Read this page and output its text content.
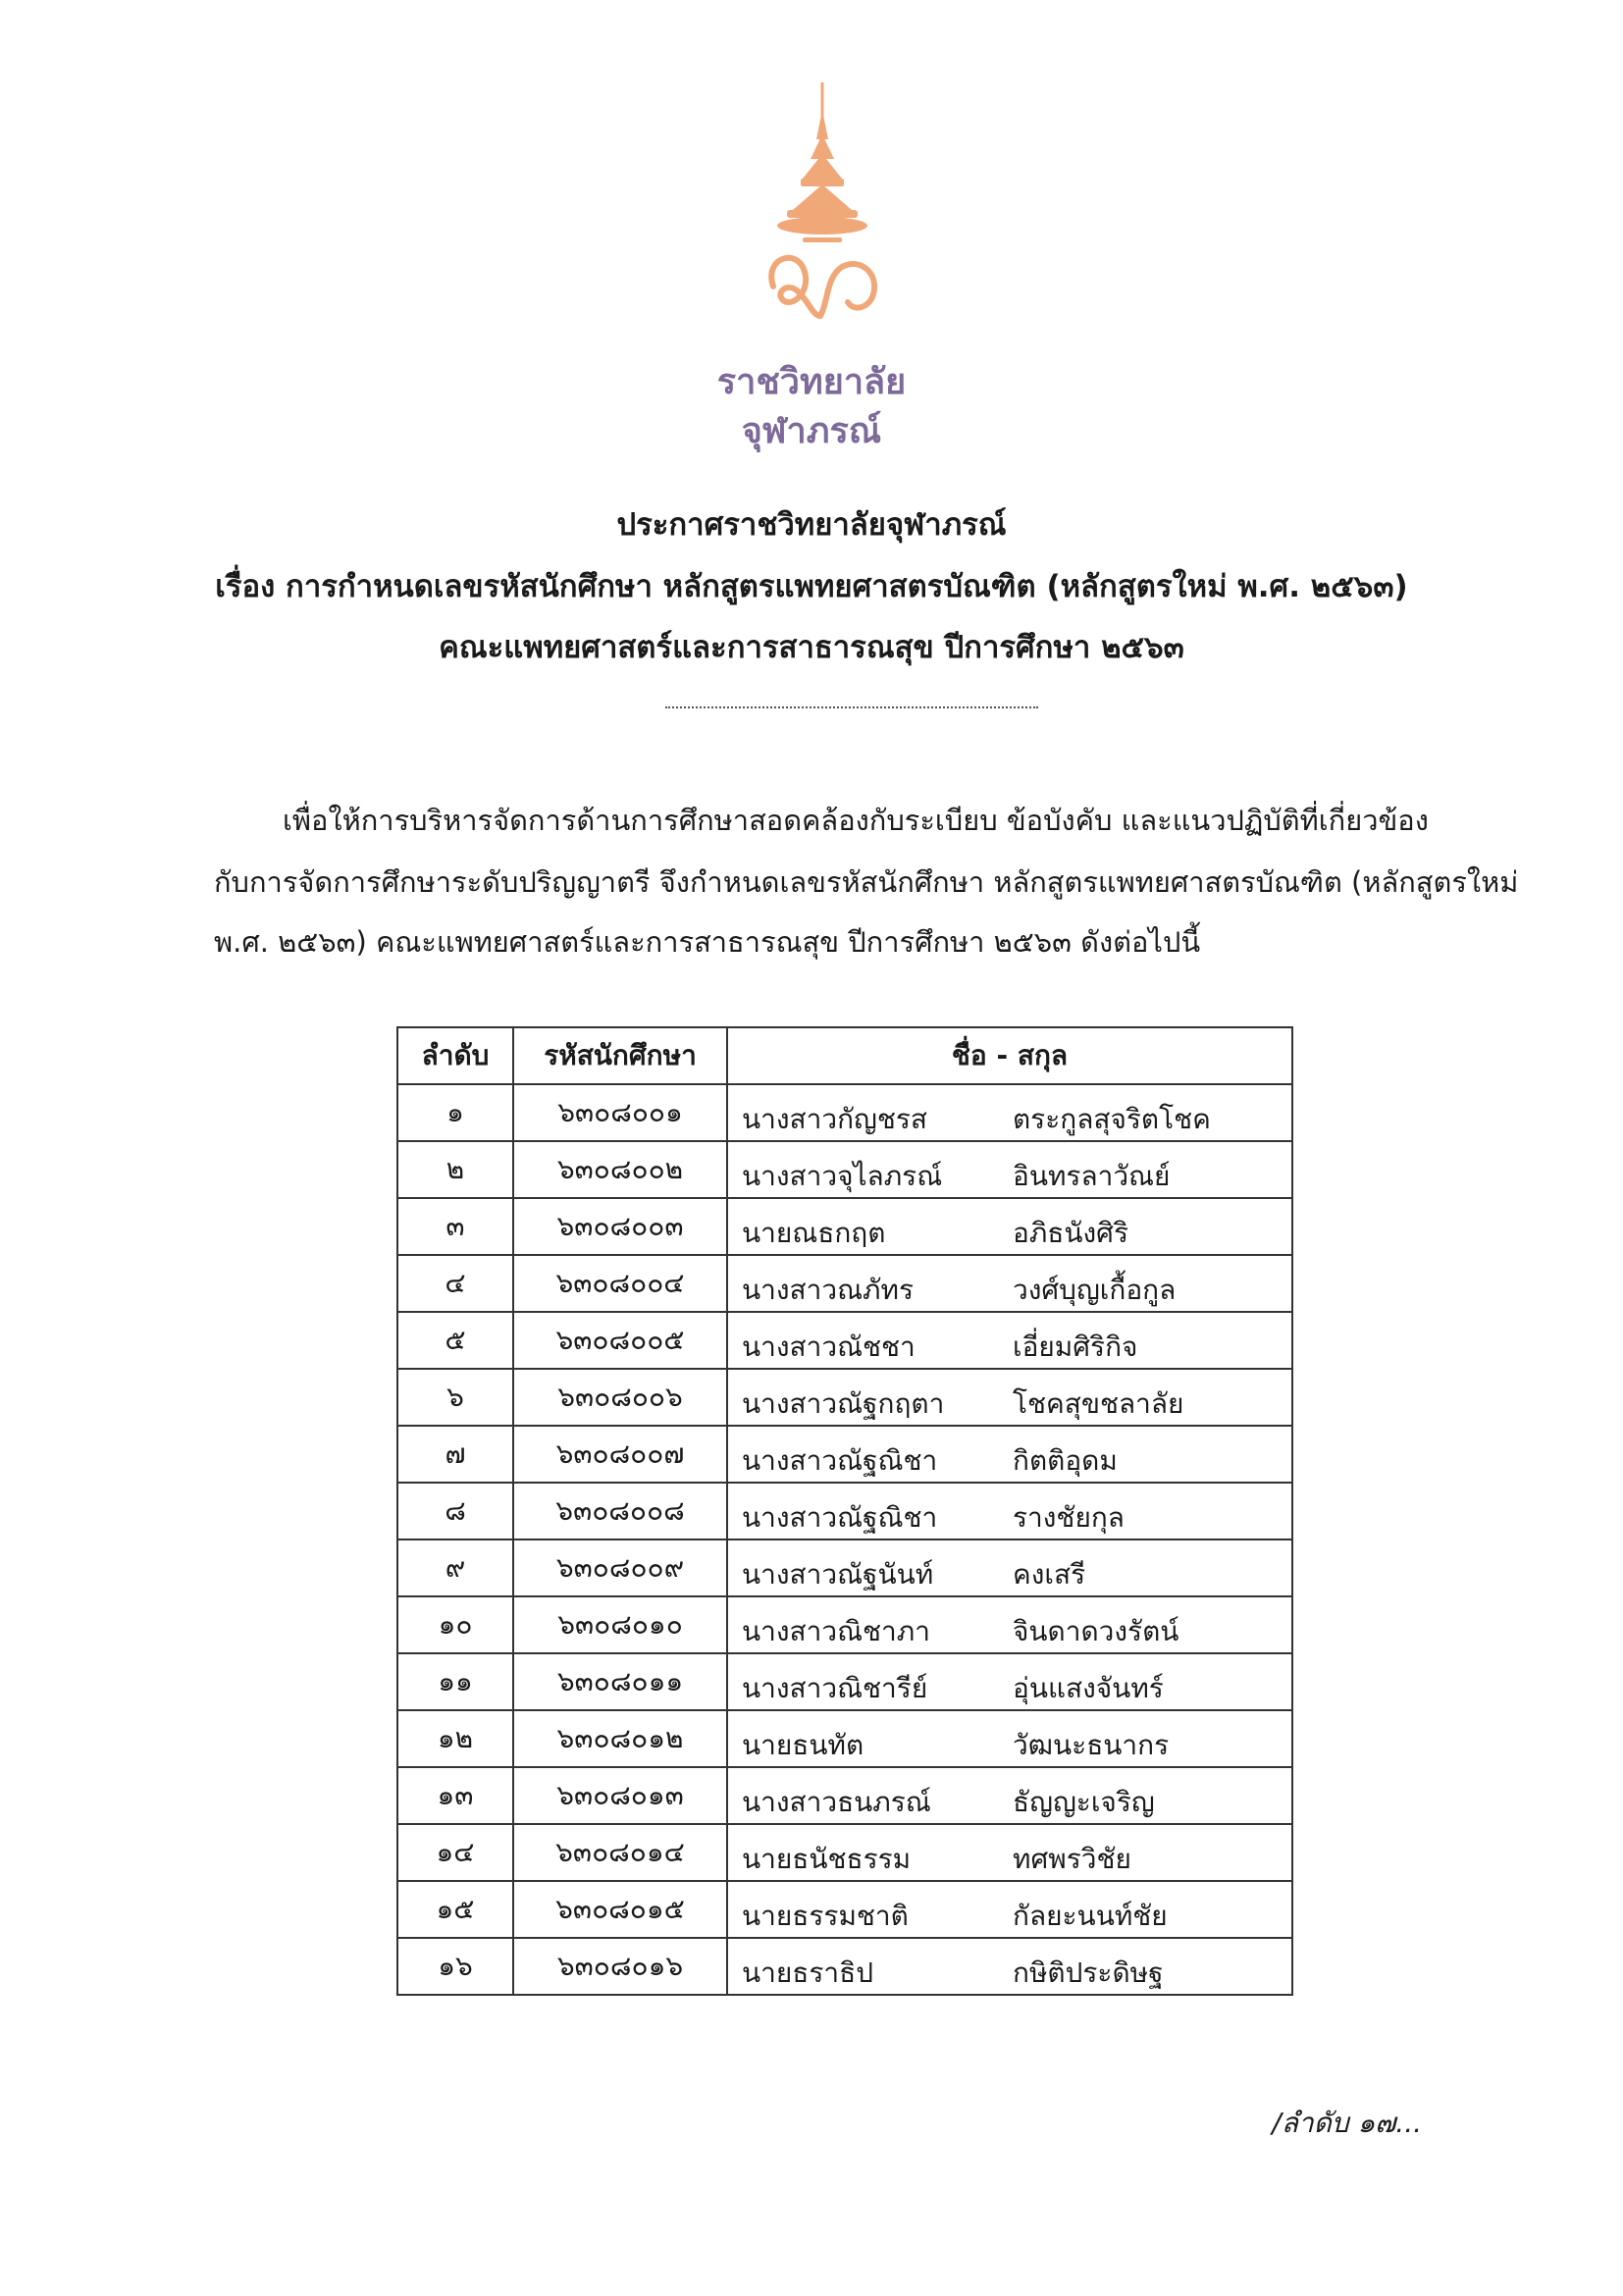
ราชวิทยาลัย
จุฬาภรณ์
ประกาศราชวิทยาลัยจุฬาภรณ์
เรื่อง การกำหนดเลขรหัสนักศึกษา หลักสูตรแพทยศาสตรบัณฑิต (หลักสูตรใหม่ พ.ศ. ๒๕๖๓)
คณะแพทยศาสตร์และการสาธารณสุข ปีการศึกษา ๒๕๖๓
เพื่อให้การบริหารจัดการด้านการศึกษาสอดคล้องกับระเบียบ ข้อบังคับ และแนวปฏิบัติที่เกี่ยวข้อง
กับการจัดการศึกษาระดับปริญญาตรี จึงกำหนดเลขรหัสนักศึกษา หลักสูตรแพทยศาสตรบัณฑิต (หลักสูตรใหม่
พ.ศ. ๒๕๖๓) คณะแพทยศาสตร์และการสาธารณสุข ปีการศึกษา ๒๕๖๓ ดังต่อไปนี้
ลำดับ	รหัสนักศึกษา	ชื่อ - สกุล
๑	๖๓๐๘๐๐๑	นางสาวกัญชรส ตระกูลสุจริตโชค

๒	๖๓๐๘๐๐๒	นางสาวจุไลภรณ์ อินทรลาวัณย์

๓	๖๓๐๘๐๐๓	นายณธกฤต อภิธนังศิริ

๔	๖๓๐๘๐๐๔	นางสาวณภัทร วงศ์บุญเกื้อกูล

๕	๖๓๐๘๐๐๕	นางสาวณัชชา เอี่ยมศิริกิจ

๖	๖๓๐๘๐๐๖	นางสาวณัฐกฤตา โชคสุขชลาลัย

๗	๖๓๐๘๐๐๗	นางสาวณัฐณิชา กิตติอุดม

๘	๖๓๐๘๐๐๘	นางสาวณัฐณิชา รางชัยกุล

๙	๖๓๐๘๐๐๙	นางสาวณัฐนันท์ คงเสรี

๑๐	๖๓๐๘๐๑๐	นางสาวณิชาภา จินดาดวงรัตน์

๑๑	๖๓๐๘๐๑๑	นางสาวณิชารีย์ อุ่นแสงจันทร์

๑๒	๖๓๐๘๐๑๒	นายธนทัต วัฒนะธนากร

๑๓	๖๓๐๘๐๑๓	นางสาวธนภรณ์ ธัญญะเจริญ

๑๔	๖๓๐๘๐๑๔	นายธนัชธรรม ทศพรวิชัย

๑๕	๖๓๐๘๐๑๕	นายธรรมชาติ กัลยะนนท์ชัย

๑๖	๖๓๐๘๐๑๖	นายธราธิป กษิติประดิษฐ
/ลำดับ ๑๗...
